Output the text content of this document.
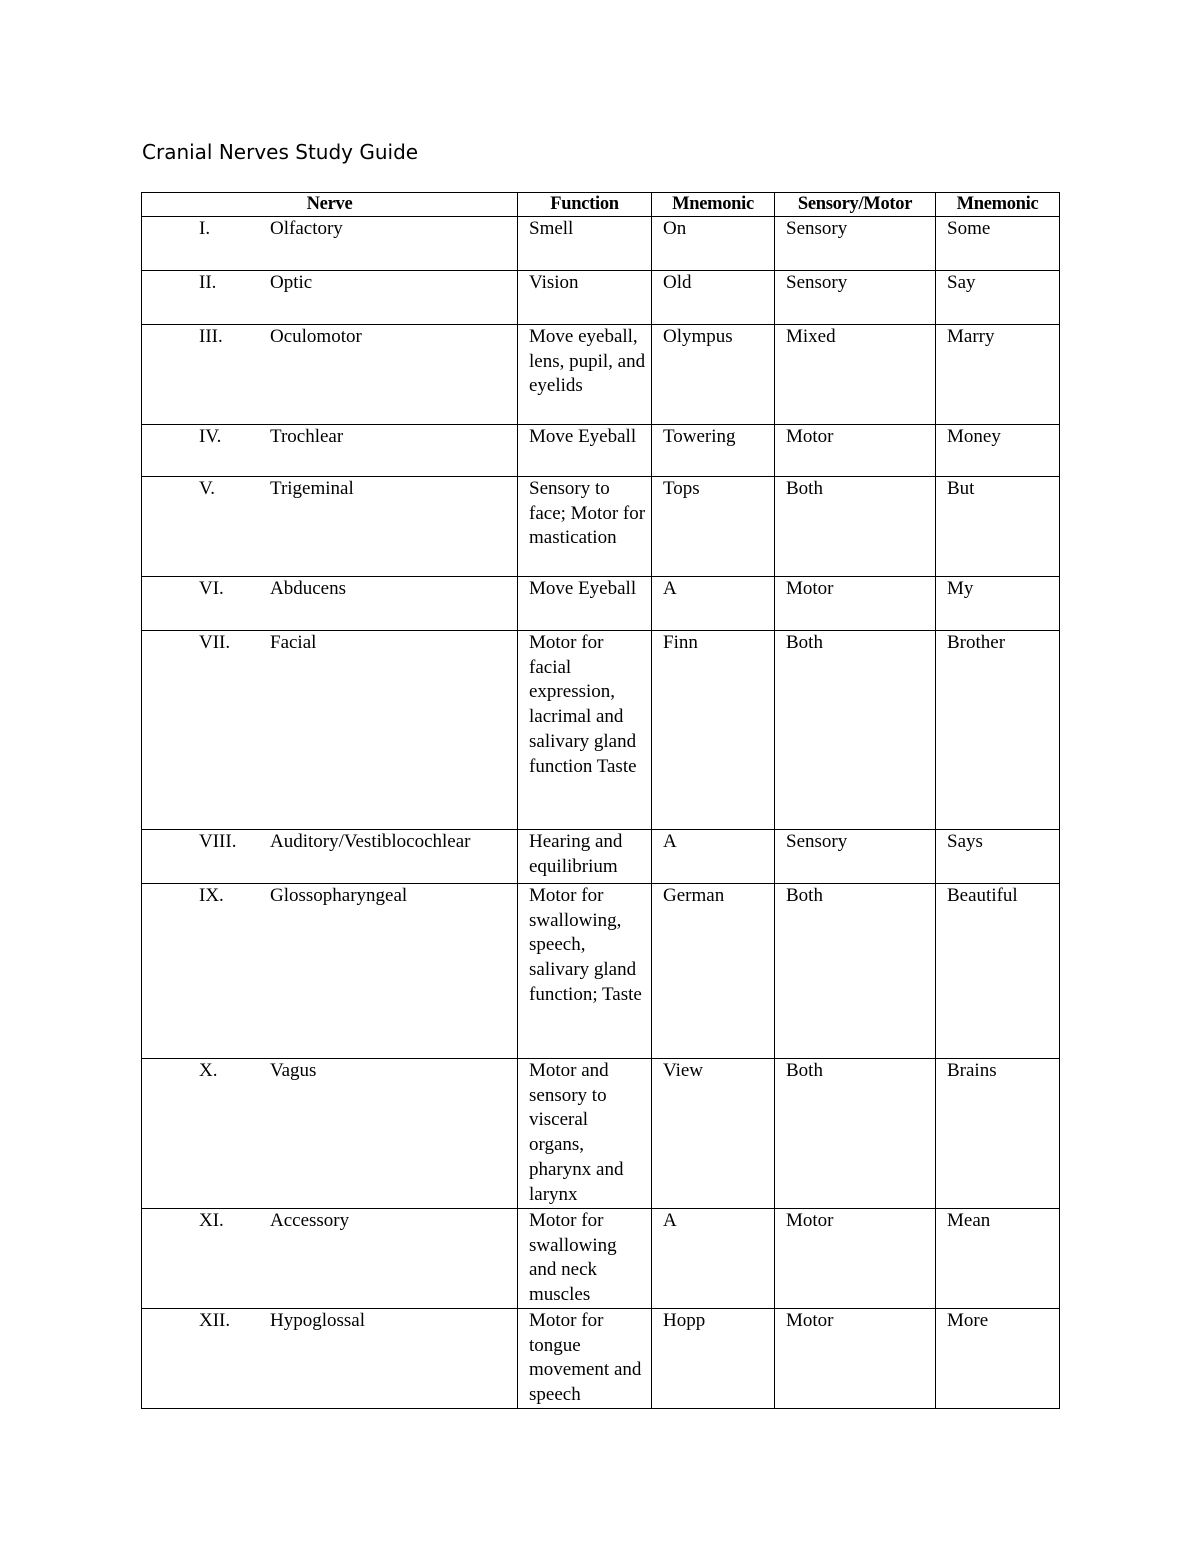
Cranial Nerves Study Guide
Nerve	Function	Mnemonic	Sensory/Motor	Mnemonic
I. Olfactory	Smell	On	Sensory	Some
II. Optic	Vision	Old	Sensory	Say
III. Oculomotor	Move eyeball, lens, pupil, and eyelids	Olympus	Mixed	Marry
IV. Trochlear	Move Eyeball	Towering	Motor	Money
V. Trigeminal	Sensory to face; Motor for mastication	Tops	Both	But
VI. Abducens	Move Eyeball	A	Motor	My
VII. Facial	Motor for facial expression, lacrimal and salivary gland function Taste	Finn	Both	Brother
VIII. Auditory/Vestiblocochlear	Hearing and equilibrium	A	Sensory	Says
IX. Glossopharyngeal	Motor for swallowing, speech, salivary gland function; Taste	German	Both	Beautiful
X. Vagus	Motor and sensory to visceral organs, pharynx and larynx	View	Both	Brains
XI. Accessory	Motor for swallowing and neck muscles	A	Motor	Mean
XII. Hypoglossal	Motor for tongue movement and speech	Hopp	Motor	More
